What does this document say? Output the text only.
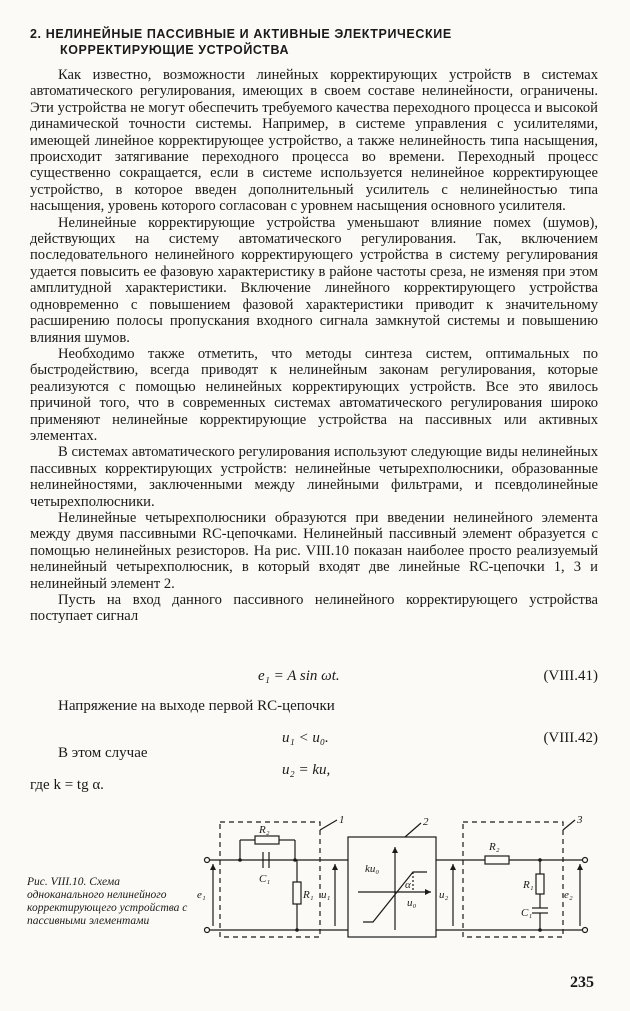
2. НЕЛИНЕЙНЫЕ ПАССИВНЫЕ И АКТИВНЫЕ ЭЛЕКТРИЧЕСКИЕ
КОРРЕКТИРУЮЩИЕ УСТРОЙСТВА

Как известно, возможности линейных корректирующих устройств в системах автоматического регулирования, имеющих в своем составе нелинейности, ограничены. Эти устройства не могут обеспечить требуемого качества переходного процесса и высокой динамической точности системы. Например, в системе управления с усилителями, имеющей линейное корректирующее устройство, а также нелинейность типа насыщения, происходит затягивание переходного процесса во времени. Переходный процесс существенно сокращается, если в системе используется нелинейное корректирующее устройство, в которое введен дополнительный усилитель с нелинейностью типа насыщения, уровень которого согласован с уровнем насыщения основного усилителя.

Нелинейные корректирующие устройства уменьшают влияние помех (шумов), действующих на систему автоматического регулирования. Так, включением последовательного нелинейного корректирующего устройства в систему регулирования удается повысить ее фазовую характеристику в районе частоты среза, не изменяя при этом амплитудной характеристики. Включение линейного корректирующего устройства одновременно с повышением фазовой характеристики приводит к значительному расширению полосы пропускания входного сигнала замкнутой системы и повышению влияния шумов.

Необходимо также отметить, что методы синтеза систем, оптимальных по быстродействию, всегда приводят к нелинейным законам регулирования, которые реализуются с помощью нелинейных корректирующих устройств. Все это явилось причиной того, что в современных системах автоматического регулирования широко применяют нелинейные корректирующие устройства на пассивных или активных элементах.

В системах автоматического регулирования используют следующие виды нелинейных пассивных корректирующих устройств: нелинейные четырехполюсники, образованные нелинейностями, заключенными между линейными фильтрами, и псевдолинейные четырехполюсники.

Нелинейные четырехполюсники образуются при введении нелинейного элемента между двумя пассивными RC-цепочками. Нелинейный пассивный элемент образуется с помощью нелинейных резисторов. На рис. VIII.10 показан наиболее просто реализуемый нелинейный четырехполюсник, в который входят две линейные RC-цепочки 1, 3 и нелинейный элемент 2.

Пусть на вход данного пассивного нелинейного корректирующего устройства поступает сигнал

e₁ = A sin ωt.	(VIII.41)
Напряжение на выходе первой RC-цепочки
u₁ < u₀.	(VIII.42)
В этом случае
u₂ = ku,
где k = tg α.
1	2	3
R₂
C₁
R₁ u₁
e₁
ku₀
α
u₀
u₂
R₂
R₁
C₁
e₂
Рис. VIII.10. Схема одноканального нелинейного корректирующего устройства с пассивными элементами
235
